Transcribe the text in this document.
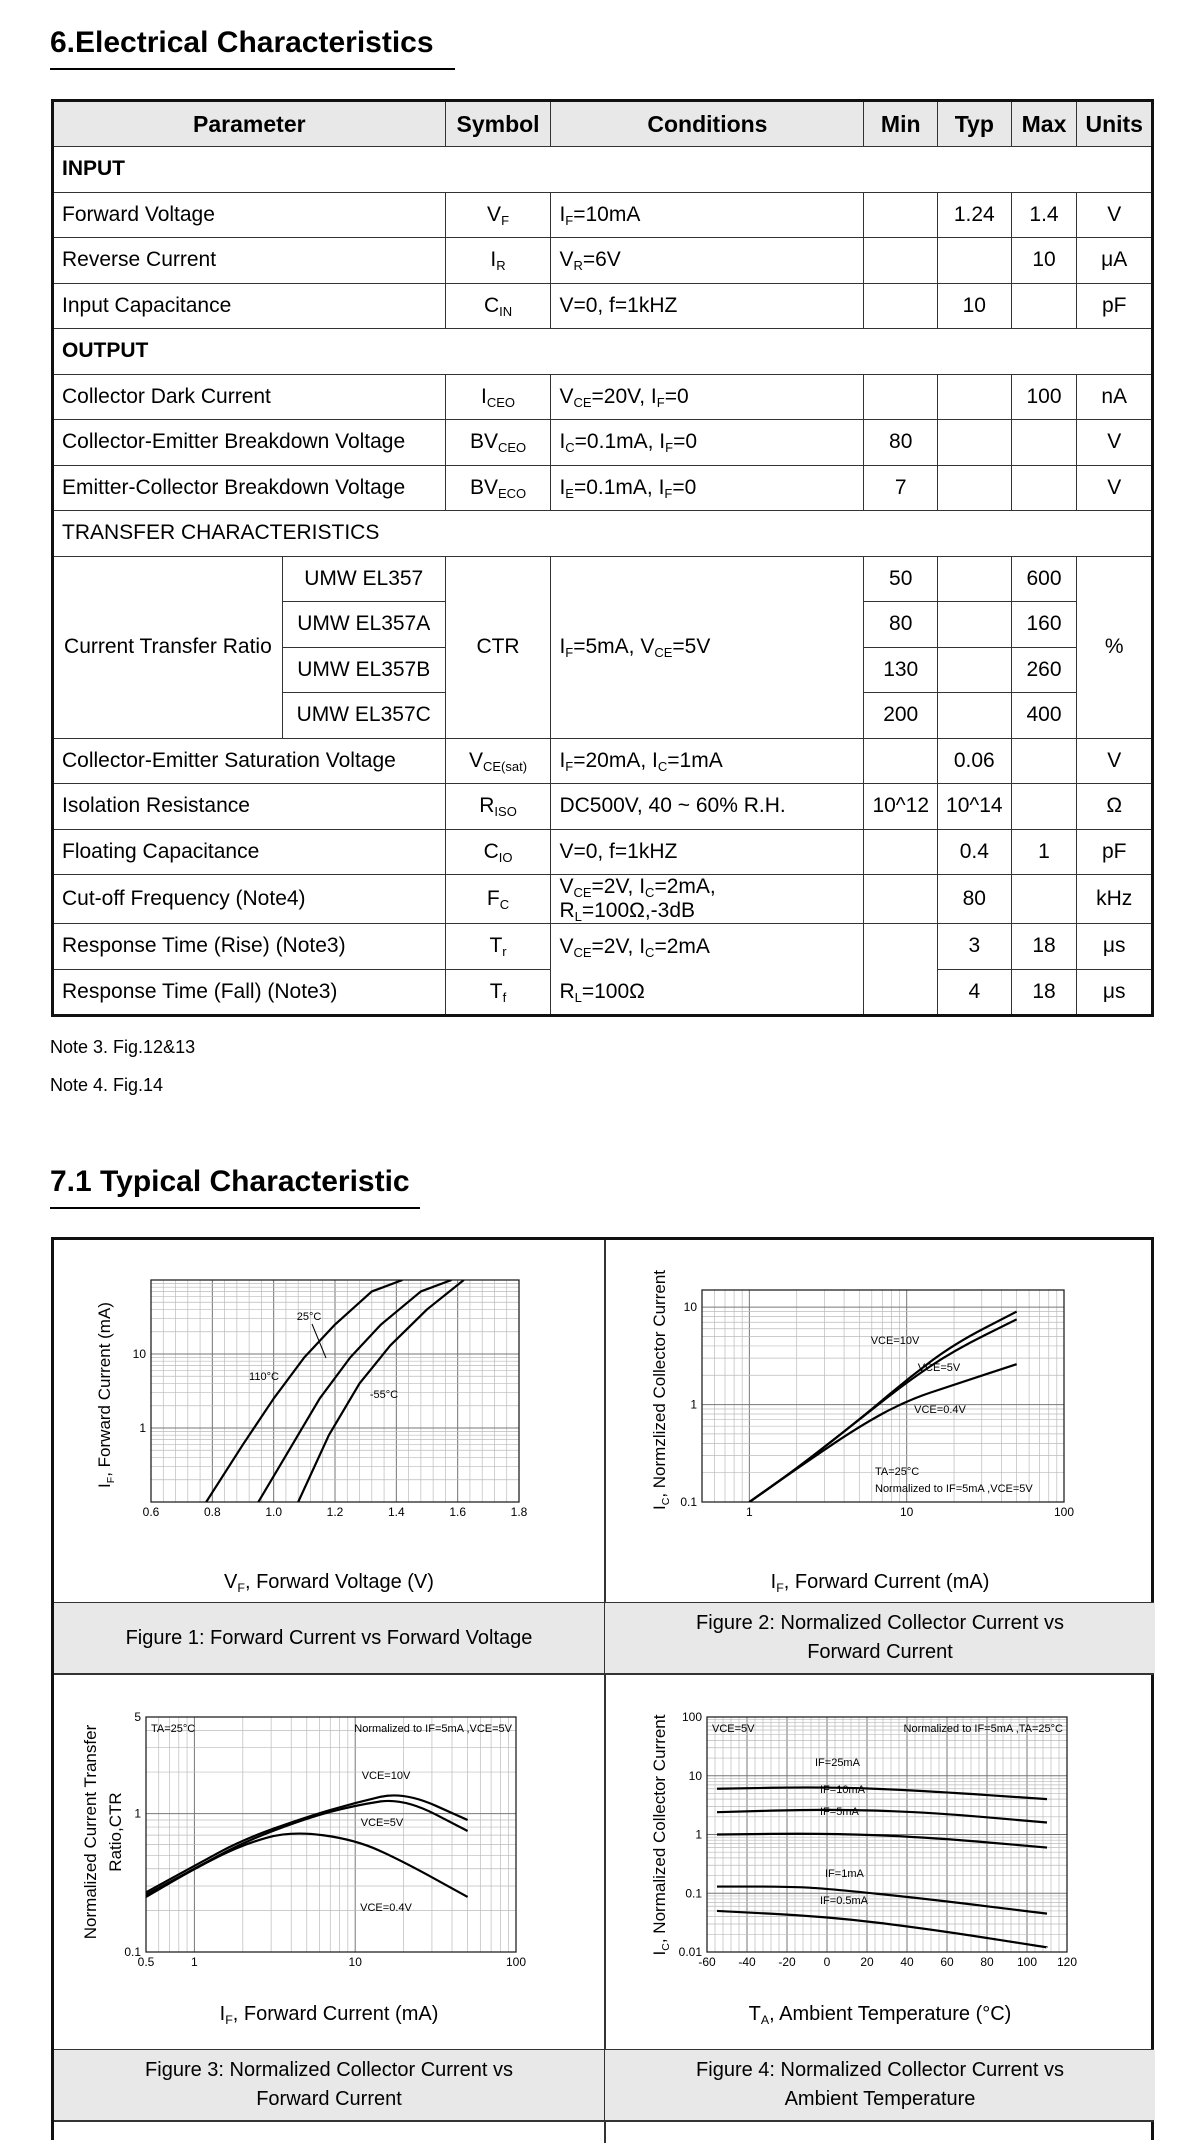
6.Electrical Characteristics
Parameter		Symbol	Conditions	Min	Typ	Max	Units
INPUT							
Forward Voltage		$V_F$	$I_F=10mA$		1.24	1.4	V
Reverse Current		$I_R$	$V_R=6V$			10	μA
Input Capacitance		$C_{IN}$	V=0, f=1kHZ		10		pF
OUTPUT							
Collector Dark Current		$I_{CEO}$	$V_{CE}=20V$, $I_F=0$			100	nA
Collector-Emitter Breakdown Voltage		$BV_{CEO}$	$I_C=0.1mA$, $I_F=0$	80			V
Emitter-Collector Breakdown Voltage		$BV_{ECO}$	$I_E=0.1mA$, $I_F=0$	7			V
TRANSFER CHARACTERISTICS							
Current Transfer Ratio	UMW EL357	CTR	$I_F=5mA$, $V_{CE}=5V$	50		600	%
	UMW EL357A			80		160	
	UMW EL357B			130		260	
	UMW EL357C			200		400	
Collector-Emitter Saturation Voltage		$V_{CE(sat)}$	$I_F=20mA$, $I_C=1mA$		0.06		V
Isolation Resistance		$R_{ISO}$	DC500V, 40 ~ 60% R.H.	10^12	10^14		Ω
Floating Capacitance		$C_{IO}$	V=0, f=1kHZ		0.4	1	pF
Cut-off Frequency (Note4)		$F_C$	$V_{CE}=2V$, $I_C=2mA$, $R_L=100\Omega,-3dB$		80		kHz
Response Time (Rise) (Note3)		$T_r$	$V_{CE}=2V$, $I_C=2mA$		3	18	μs
Response Time (Fall) (Note3)		$T_f$	$R_L=100\Omega$		4	18	μs
Note 3. Fig.12&13
Note 4. Fig.14
7.1 Typical Characteristic
0.6	0.8	1.0	1.2	1.4	1.6	1.8
1
10
25°C
110°C
-55°C
$V_F$, Forward Voltage (V)
$I_F$, Forward Current (mA)
Figure 1: Forward Current vs Forward Voltage
1	10	100
0.1
1
10
VCE=10V
VCE=5V
VCE=0.4V
TA=25°C
Normalized to IF=5mA ,VCE=5V
$I_F$, Forward Current (mA)
$I_C$, Normzlized Collector Current
Figure 2: Normalized Collector Current vs
Forward Current
0.5	1	10	100
0.1
1
5
TA=25°C	Normalized to IF=5mA ,VCE=5V
VCE=10V
VCE=5V
VCE=0.4V
$I_F$, Forward Current (mA)
Normalized Current Transfer Ratio,CTR
Figure 3: Normalized Collector Current vs
Forward Current
-60 -40 -20 0 20 40 60 80 100 120
0.01
0.1
1
10
100
VCE=5V	Normalized to IF=5mA ,TA=25°C
IF=25mA
IF=10mA
IF=5mA
IF=1mA
IF=0.5mA
$T_A$, Ambient Temperature (°C)
$I_C$, Normalized Collector Current
Figure 4: Normalized Collector Current vs
Ambient Temperature
